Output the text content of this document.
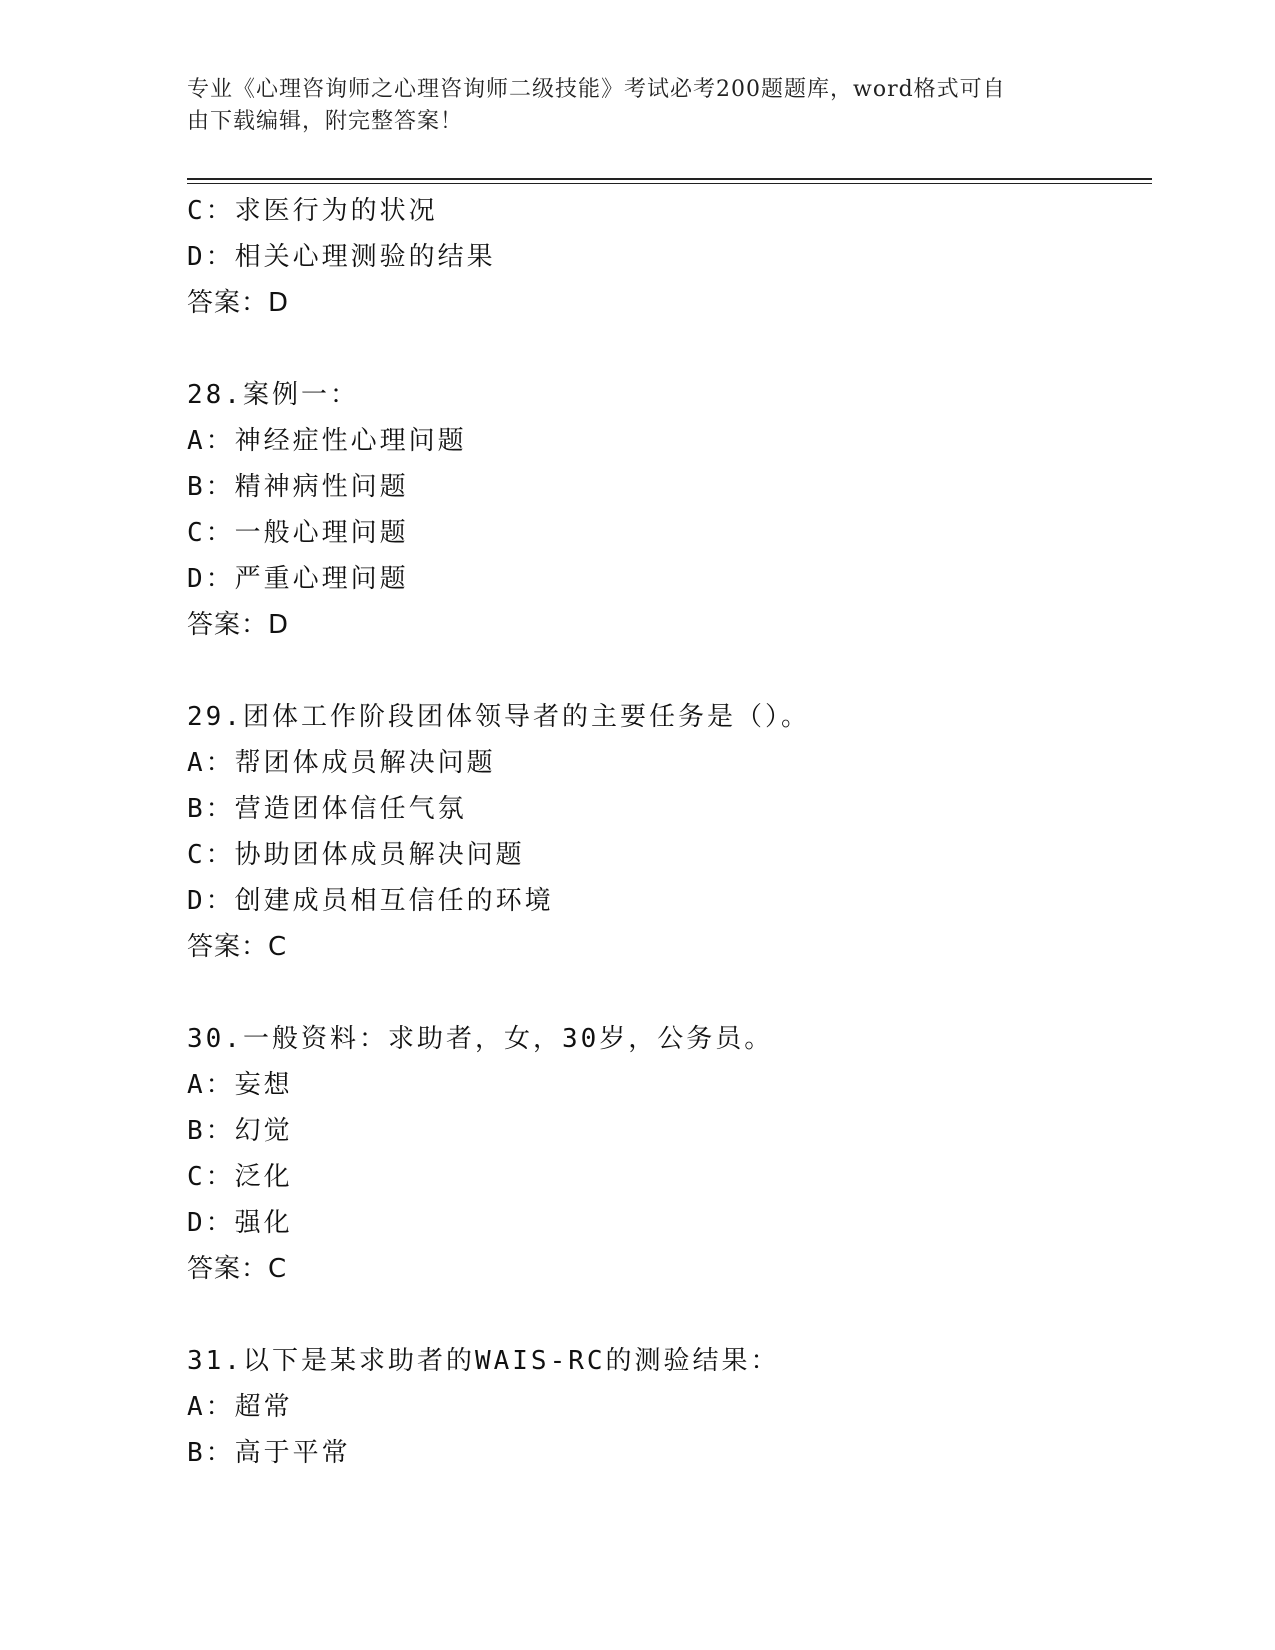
专业《心理咨询师之心理咨询师二级技能》考试必考200题题库，word格式可自
由下载编辑，附完整答案！
C：求医行为的状况
D：相关心理测验的结果
答案：D
28.案例一：
A：神经症性心理问题
B：精神病性问题
C：一般心理问题
D：严重心理问题
答案：D
29.团体工作阶段团体领导者的主要任务是（）。
A：帮团体成员解决问题
B：营造团体信任气氛
C：协助团体成员解决问题
D：创建成员相互信任的环境
答案：C
30.一般资料：求助者，女，30岁，公务员。
A：妄想
B：幻觉
C：泛化
D：强化
答案：C
31.以下是某求助者的WAIS-RC的测验结果：
A：超常
B：高于平常
